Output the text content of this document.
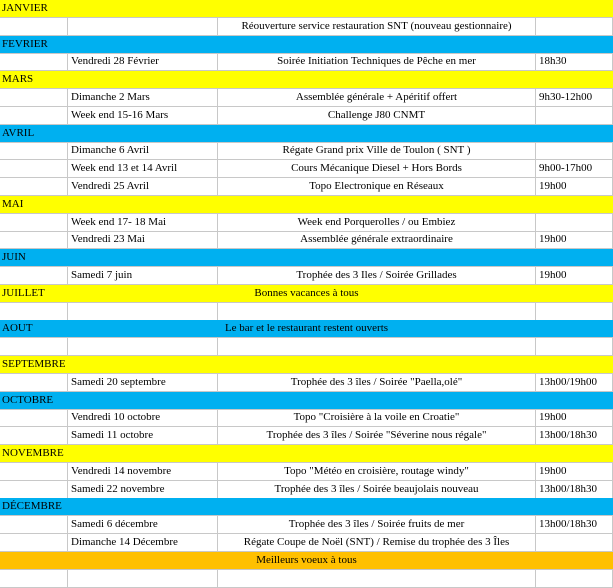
JANVIER
Réouverture service restauration SNT (nouveau gestionnaire)
FEVRIER
Vendredi 28 Février	Soirée Initiation Techniques de Pêche en mer	18h30
MARS
Dimanche 2 Mars	Assemblée générale + Apéritif offert	9h30-12h00
Week end 15-16 Mars	Challenge J80 CNMT
AVRIL
Dimanche 6 Avril	Régate Grand prix Ville de Toulon ( SNT )
Week end 13 et 14 Avril	Cours Mécanique Diesel + Hors Bords	9h00-17h00
Vendredi 25 Avril	Topo Electronique en Réseaux	19h00
MAI
Week end 17- 18 Mai	Week end Porquerolles / ou Embiez
Vendredi 23 Mai	Assemblée générale extraordinaire	19h00
JUIN
Samedi 7 juin	Trophée des 3 Iles / Soirée Grillades	19h00
JUILLET	Bonnes vacances à tous
AOUT	Le bar et le restaurant restent ouverts
SEPTEMBRE
Samedi 20 septembre	Trophée des 3 îles / Soirée "Paella,olé"	13h00/19h00
OCTOBRE
Vendredi 10 octobre	Topo "Croisière à la voile en Croatie"	19h00
Samedi 11 octobre	Trophée des 3 îles / Soirée "Séverine nous régale"	13h00/18h30
NOVEMBRE
Vendredi 14 novembre	Topo "Météo en croisière, routage windy"	19h00
Samedi 22 novembre	Trophée des 3 îles / Soirée beaujolais nouveau	13h00/18h30
DÉCEMBRE
Samedi 6 décembre	Trophée des 3 îles / Soirée fruits de mer	13h00/18h30
Dimanche 14 Décembre	Régate Coupe de Noël (SNT) / Remise du trophée des 3 Îles
Meilleurs voeux à tous
